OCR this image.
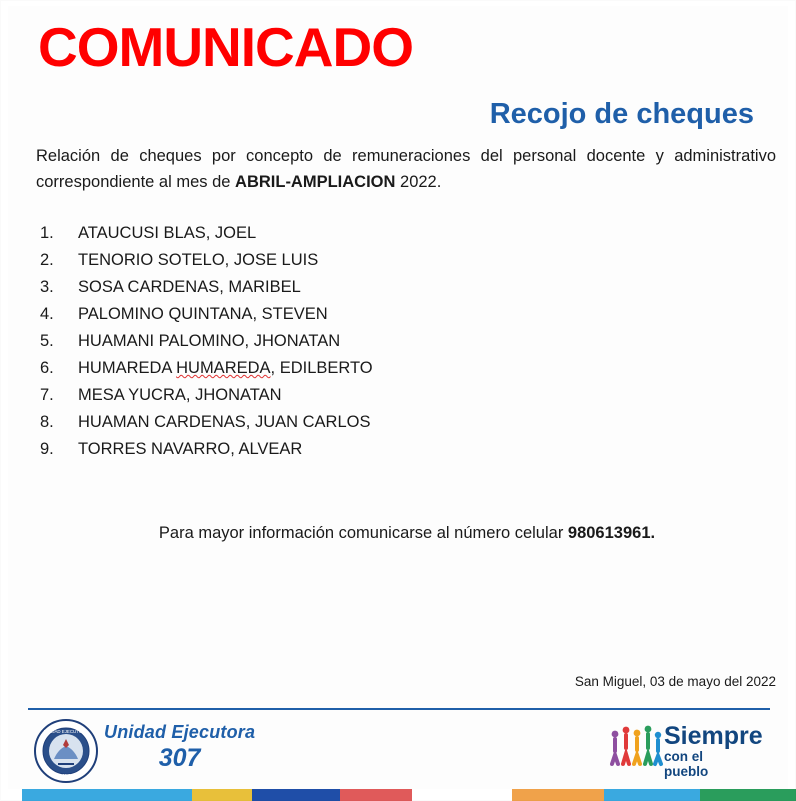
COMUNICADO
Recojo de cheques
Relación de cheques por concepto de remuneraciones del personal docente y administrativo correspondiente al mes de ABRIL-AMPLIACION 2022.
1.	ATAUCUSI BLAS, JOEL
2.	TENORIO SOTELO, JOSE LUIS
3.	SOSA CARDENAS, MARIBEL
4.	PALOMINO QUINTANA, STEVEN
5.	HUAMANI PALOMINO, JHONATAN
6.	HUMAREDA HUMAREDA, EDILBERTO
7.	MESA YUCRA, JHONATAN
8.	HUAMAN CARDENAS, JUAN CARLOS
9.	TORRES NAVARRO, ALVEAR
Para mayor información comunicarse al número celular 980613961.
San Miguel, 03 de mayo del 2022
UNIDAD EJECUTORA
SAN MIGUEL
Unidad Ejecutora
307
Siempre
con el
pueblo
